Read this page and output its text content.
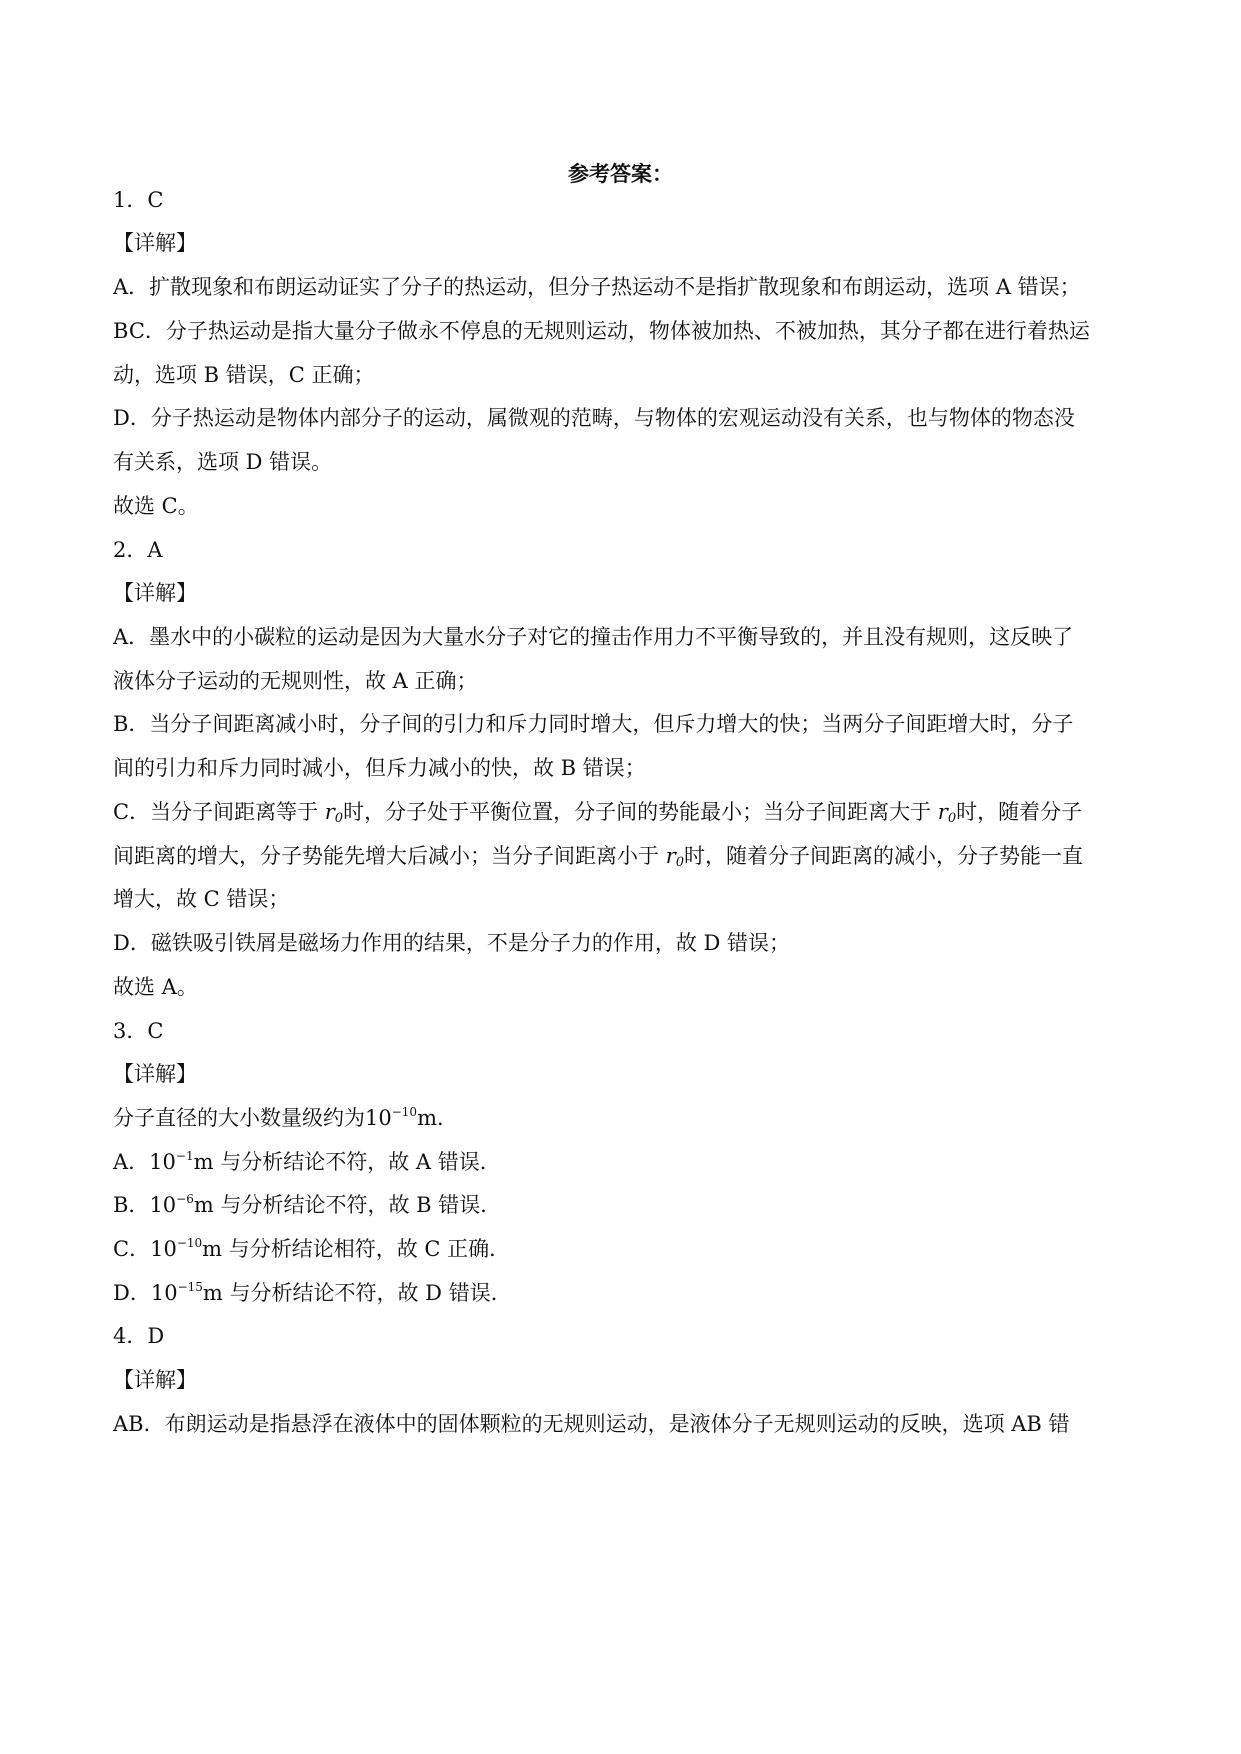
参考答案：
1．C
【详解】
A．扩散现象和布朗运动证实了分子的热运动，但分子热运动不是指扩散现象和布朗运动，选项 A 错误；
BC．分子热运动是指大量分子做永不停息的无规则运动，物体被加热、不被加热，其分子都在进行着热运
动，选项 B 错误，C 正确；
D．分子热运动是物体内部分子的运动，属微观的范畴，与物体的宏观运动没有关系，也与物体的物态没
有关系，选项 D 错误。
故选 C。
2．A
【详解】
A．墨水中的小碳粒的运动是因为大量水分子对它的撞击作用力不平衡导致的，并且没有规则，这反映了
液体分子运动的无规则性，故 A 正确；
B．当分子间距离减小时，分子间的引力和斥力同时增大，但斥力增大的快；当两分子间距增大时，分子
间的引力和斥力同时减小，但斥力减小的快，故 B 错误；
C．当分子间距离等于 $r_0$时，分子处于平衡位置，分子间的势能最小；当分子间距离大于 $r_0$时，随着分子
间距离的增大，分子势能先增大后减小；当分子间距离小于 $r_0$时，随着分子间距离的减小，分子势能一直
增大，故 C 错误；
D．磁铁吸引铁屑是磁场力作用的结果，不是分子力的作用，故 D 错误；
故选 A。
3．C
【详解】
分子直径的大小数量级约为$10^{-10}m$．
A．$10^{-1}m$ 与分析结论不符，故 A 错误．
B．$10^{-6}m$ 与分析结论不符，故 B 错误．
C．$10^{-10}m$ 与分析结论相符，故 C 正确．
D．$10^{-15}m$ 与分析结论不符，故 D 错误．
4．D
【详解】
AB．布朗运动是指悬浮在液体中的固体颗粒的无规则运动，是液体分子无规则运动的反映，选项 AB 错
